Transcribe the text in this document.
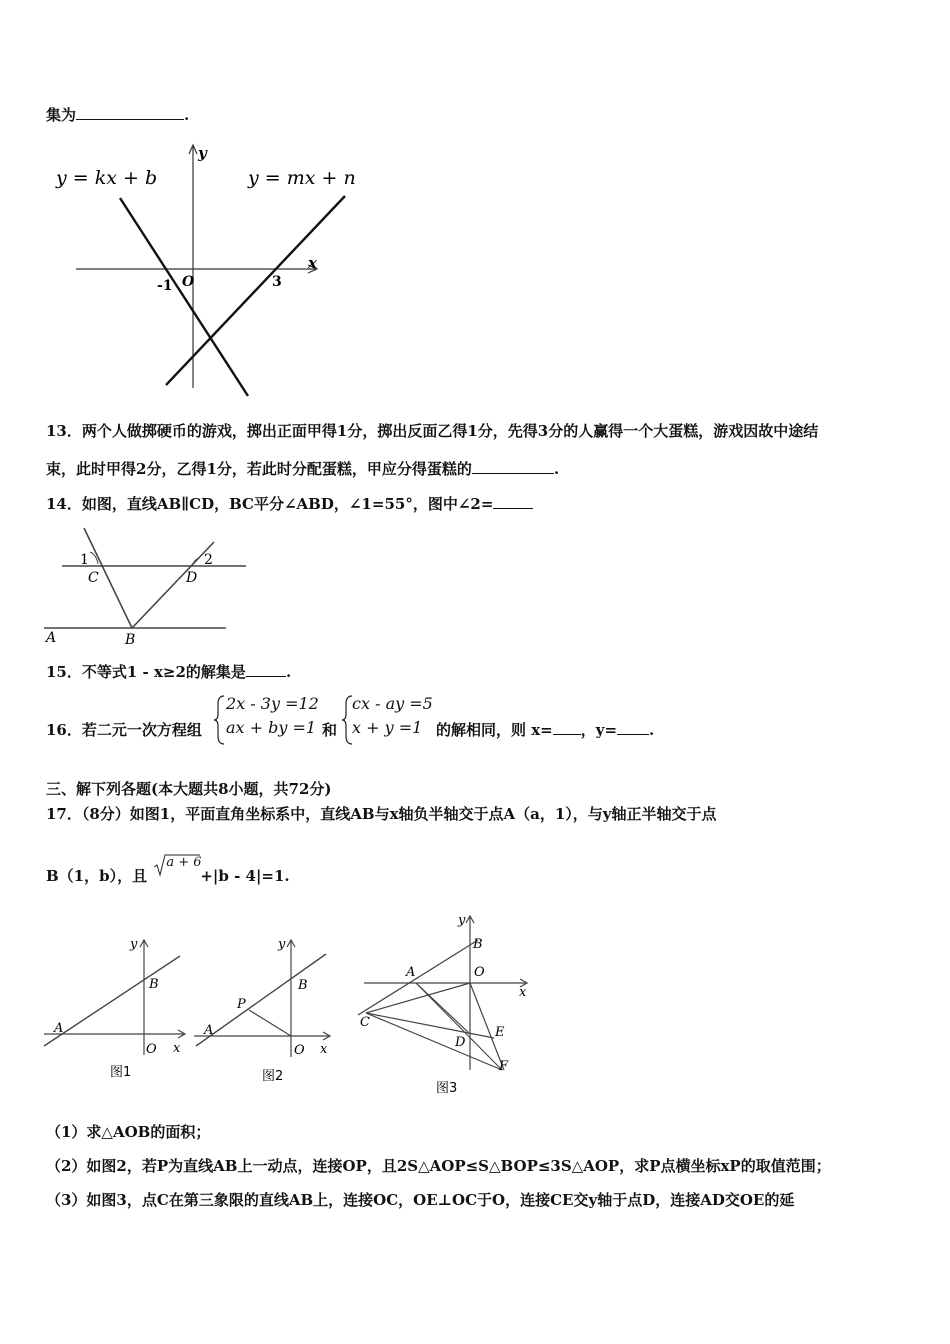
集为	.
y = kx + b	y = mx + n
y
x
O
-1	3
13．两个人做掷硬币的游戏，掷出正面甲得1分，掷出反面乙得1分，先得3分的人赢得一个大蛋糕，游戏因故中途结
束，此时甲得2分，乙得1分，若此时分配蛋糕，甲应分得蛋糕的	.
14．如图，直线AB∥CD，BC平分∠ABD，∠1=55°，图中∠2=
1	2
C	D
A	B
15．不等式1 - x≥2的解集是	.
16．若二元一次方程组
2x - 3y =12
ax + by =1 和
cx - ay =5
x + y =1 的解相同，则 x= ，y= .
三、解下列各题(本大题共8小题，共72分)
17．（8分）如图1，平面直角坐标系中，直线AB与x轴负半轴交于点A（a，1），与y轴正半轴交于点
B（1，b），且
a + 6
+|b - 4|=1.
y
x
O
A
B
图1
y
x
O
A
B
P
图2
y
x
O
B
A
C
D
E
F
图3
（1）求△AOB的面积；
（2）如图2，若P为直线AB上一动点，连接OP，且2S△AOP≤S△BOP≤3S△AOP，求P点横坐标xP的取值范围；
（3）如图3，点C在第三象限的直线AB上，连接OC，OE⊥OC于O，连接CE交y轴于点D，连接AD交OE的延
